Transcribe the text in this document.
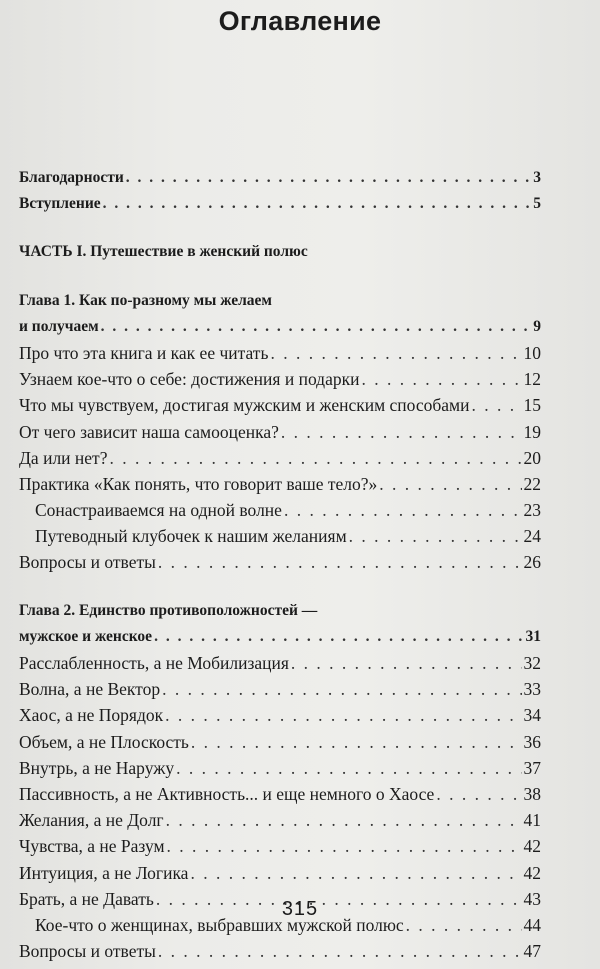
Оглавление
Благодарности . . .	3
Вступление . . .	5
ЧАСТЬ I. Путешествие в женский полюс
Глава 1. Как по-разному мы желаем
и получаем . . .	9
Про что эта книга и как ее читать . . .	10
Узнаем кое-что о себе: достижения и подарки . . .	12
Что мы чувствуем, достигая мужским и женским способами . . .	15
От чего зависит наша самооценка? . . .	19
Да или нет? . . .	20
Практика «Как понять, что говорит ваше тело?» . . .	22
Сонастраиваемся на одной волне . . .	23
Путеводный клубочек к нашим желаниям . . .	24
Вопросы и ответы . . .	26
Глава 2. Единство противоположностей —
мужское и женское . . .	31
Расслабленность, а не Мобилизация . . .	32
Волна, а не Вектор . . .	33
Хаос, а не Порядок . . .	34
Объем, а не Плоскость . . .	36
Внутрь, а не Наружу . . .	37
Пассивность, а не Активность... и еще немного о Хаосе . . .	38
Желания, а не Долг . . .	41
Чувства, а не Разум . . .	42
Интуиция, а не Логика . . .	42
Брать, а не Давать . . .	43
Кое-что о женщинах, выбравших мужской полюс . . .	44
Вопросы и ответы . . .	47
315
